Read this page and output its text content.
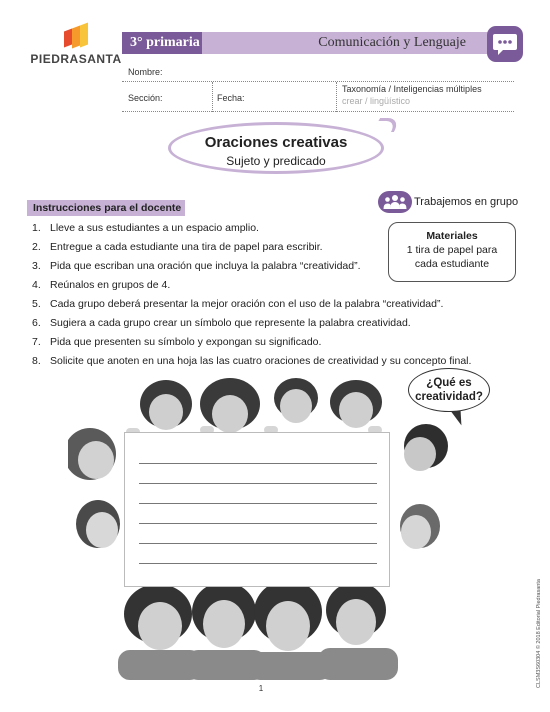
PIEDRASANTA
3° primaria	Comunicación y Lenguaje
Nombre:
Sección:	Fecha:
Taxonomía / Inteligencias múltiples
crear / lingüístico
Oraciones creativas
Sujeto y predicado
Instrucciones para el docente	Trabajemos en grupo
Materiales
1 tira de papel para
cada estudiante
1. Lleve a sus estudiantes a un espacio amplio.
2. Entregue a cada estudiante una tira de papel para escribir.
3. Pida que escriban una oración que incluya la palabra “creatividad”.
4. Reúnalos en grupos de 4.
5. Cada grupo deberá presentar la mejor oración con el uso de la palabra “creatividad”.
6. Sugiera a cada grupo crear un símbolo que represente la palabra creatividad.
7. Pida que presenten su símbolo y expongan su significado.
8. Solicite que anoten en una hoja las las cuatro oraciones de creatividad y su concepto final.
¿Qué es
creatividad?
CLSM3S60304 © 2018 Editorial Piedrasanta
1
